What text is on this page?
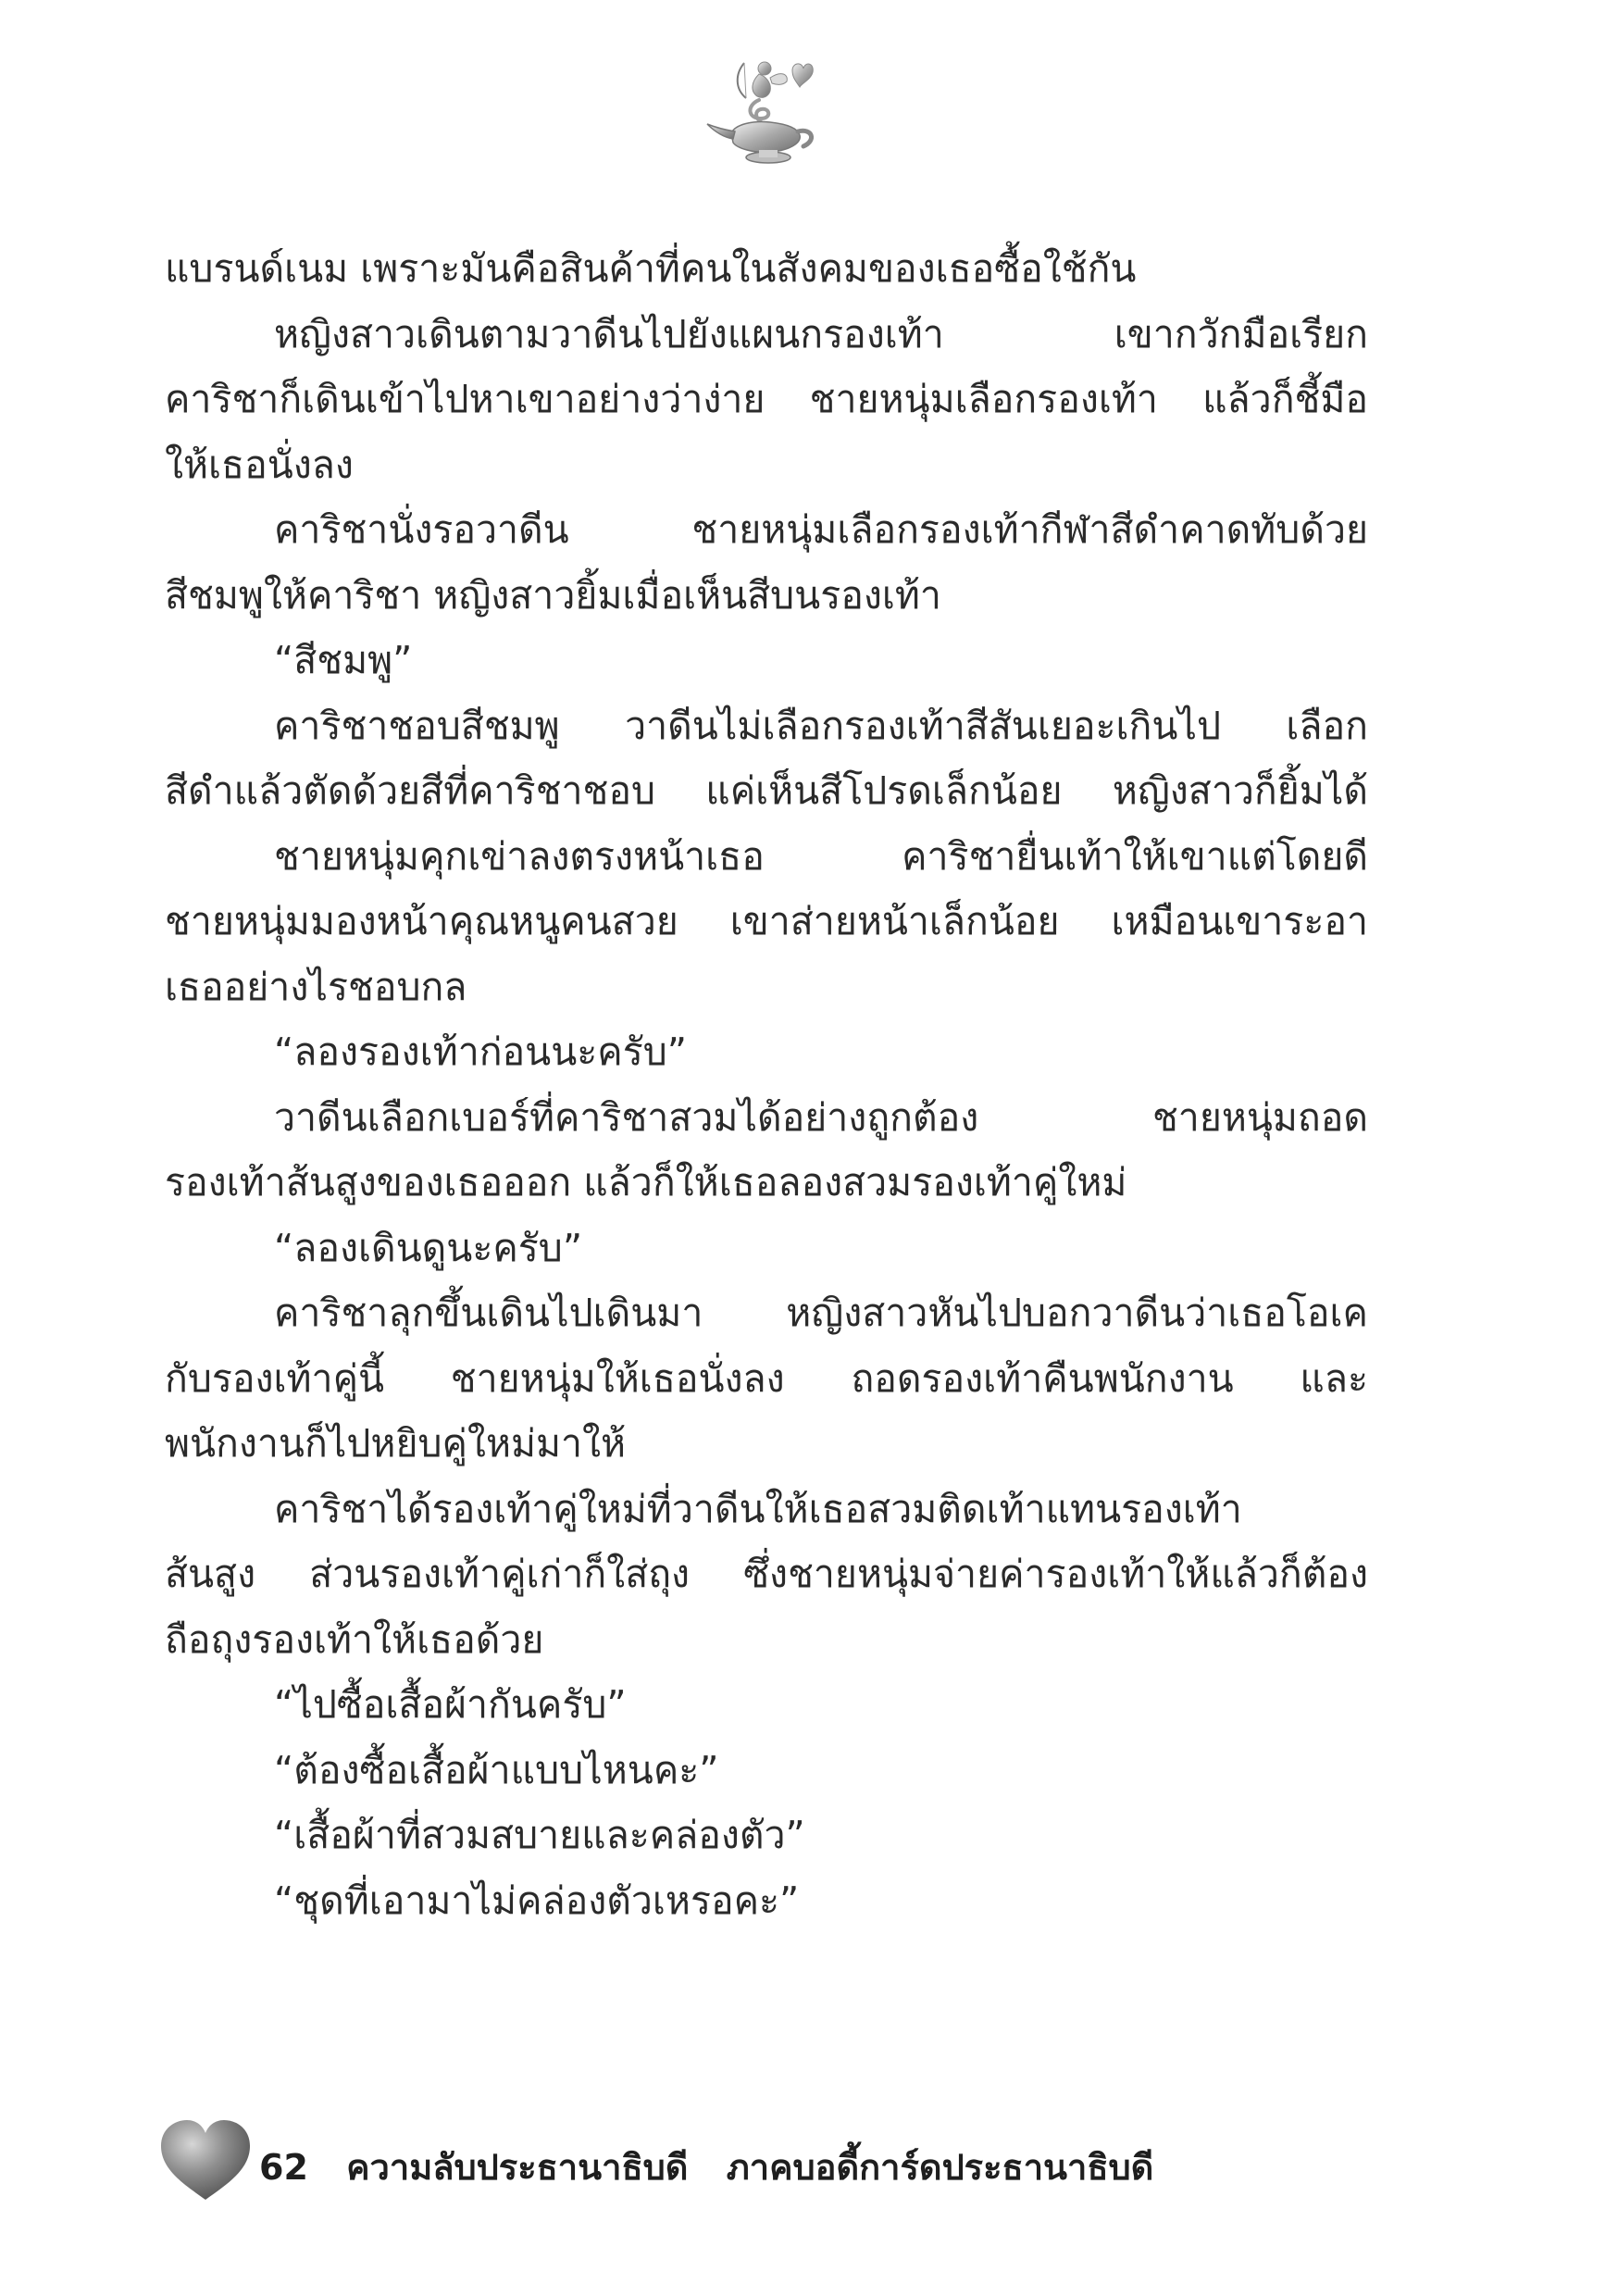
แบรนด์เนม เพราะมันคือสินค้าที่คนในสังคมของเธอซื้อใช้กัน
หญิงสาวเดินตามวาดีนไปยังแผนกรองเท้า เขากวักมือเรียก
คาริชาก็เดินเข้าไปหาเขาอย่างว่าง่าย ชายหนุ่มเลือกรองเท้า แล้วก็ชี้มือ
ให้เธอนั่งลง
คาริชานั่งรอวาดีน ชายหนุ่มเลือกรองเท้ากีฬาสีดำคาดทับด้วย
สีชมพูให้คาริชา หญิงสาวยิ้มเมื่อเห็นสีบนรองเท้า
“สีชมพู”
คาริชาชอบสีชมพู วาดีนไม่เลือกรองเท้าสีสันเยอะเกินไป เลือก
สีดำแล้วตัดด้วยสีที่คาริชาชอบ แค่เห็นสีโปรดเล็กน้อย หญิงสาวก็ยิ้มได้
ชายหนุ่มคุกเข่าลงตรงหน้าเธอ คาริชายื่นเท้าให้เขาแต่โดยดี
ชายหนุ่มมองหน้าคุณหนูคนสวย เขาส่ายหน้าเล็กน้อย เหมือนเขาระอา
เธออย่างไรชอบกล
“ลองรองเท้าก่อนนะครับ”
วาดีนเลือกเบอร์ที่คาริชาสวมได้อย่างถูกต้อง ชายหนุ่มถอด
รองเท้าส้นสูงของเธอออก แล้วก็ให้เธอลองสวมรองเท้าคู่ใหม่
“ลองเดินดูนะครับ”
คาริชาลุกขึ้นเดินไปเดินมา หญิงสาวหันไปบอกวาดีนว่าเธอโอเค
กับรองเท้าคู่นี้ ชายหนุ่มให้เธอนั่งลง ถอดรองเท้าคืนพนักงาน และ
พนักงานก็ไปหยิบคู่ใหม่มาให้
คาริชาได้รองเท้าคู่ใหม่ที่วาดีนให้เธอสวมติดเท้าแทนรองเท้า
ส้นสูง ส่วนรองเท้าคู่เก่าก็ใส่ถุง ซึ่งชายหนุ่มจ่ายค่ารองเท้าให้แล้วก็ต้อง
ถือถุงรองเท้าให้เธอด้วย
“ไปซื้อเสื้อผ้ากันครับ”
“ต้องซื้อเสื้อผ้าแบบไหนคะ”
“เสื้อผ้าที่สวมสบายและคล่องตัว”
“ชุดที่เอามาไม่คล่องตัวเหรอคะ”
62 ความลับประธานาธิบดี ภาคบอดี้การ์ดประธานาธิบดี
